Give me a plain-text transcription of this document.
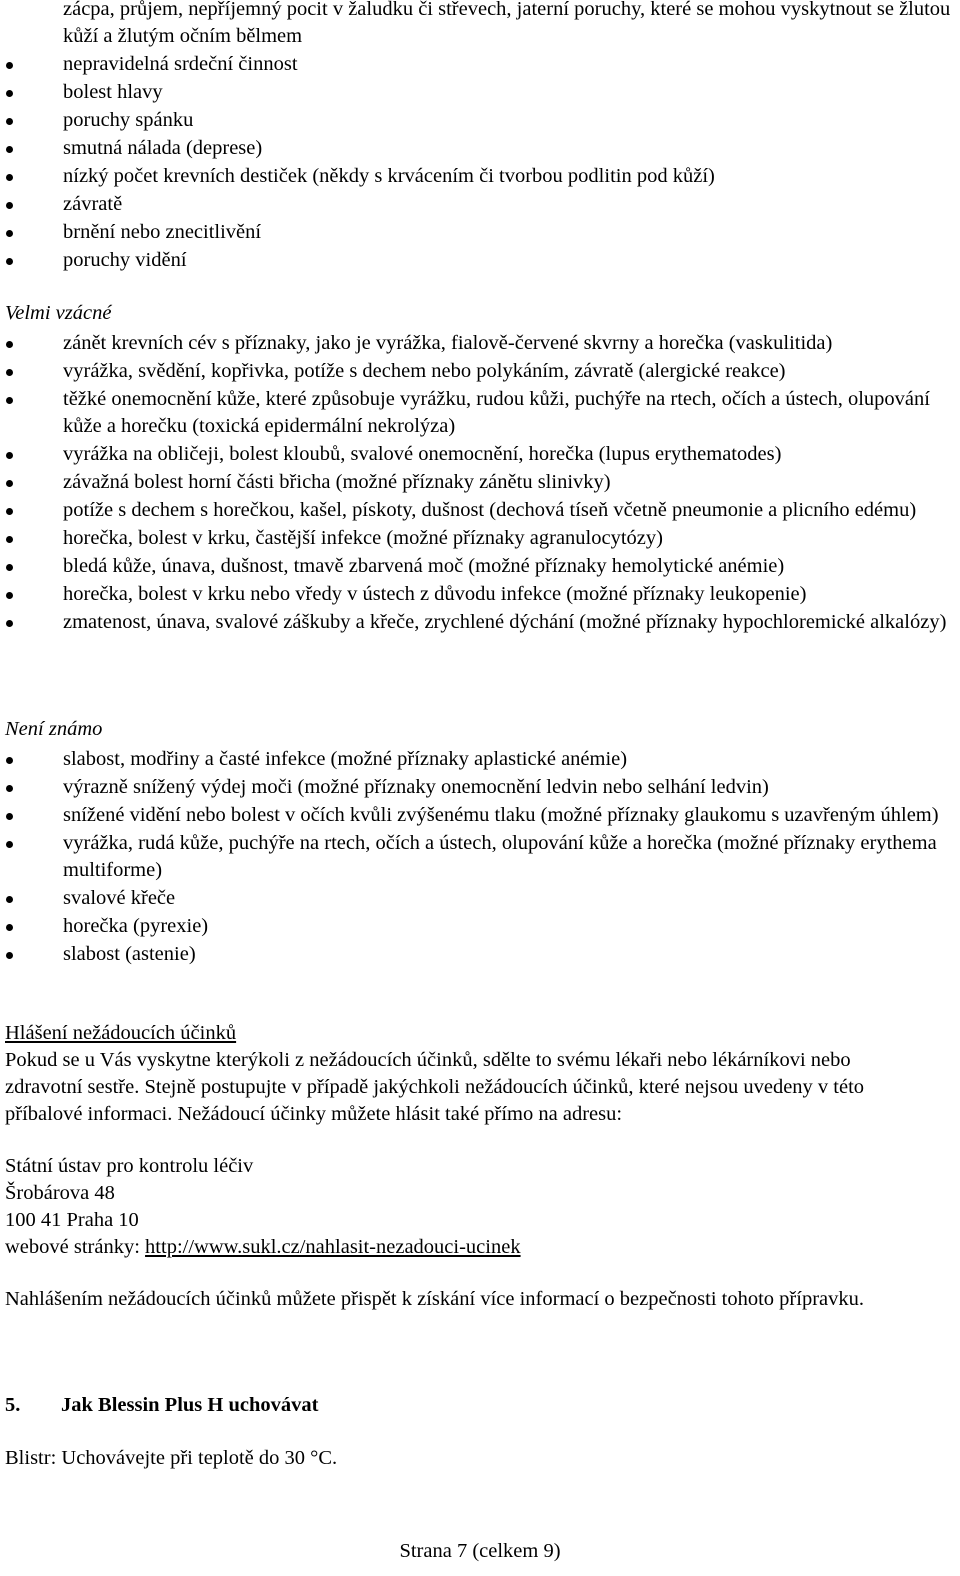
zácpa, průjem, nepříjemný pocit v žaludku či střevech, jaterní poruchy, které se mohou vyskytnout se žlutou kůží a žlutým očním bělmem
nepravidelná srdeční činnost
bolest hlavy
poruchy spánku
smutná nálada (deprese)
nízký počet krevních destiček (někdy s krvácením či tvorbou podlitin pod kůží)
závratě
brnění nebo znecitlivění
poruchy vidění

Velmi vzácné

zánět krevních cév s příznaky, jako je vyrážka, fialově-červené skvrny a horečka (vaskulitida)
vyrážka, svědění, kopřivka, potíže s dechem nebo polykáním, závratě (alergické reakce)
těžké onemocnění kůže, které způsobuje vyrážku, rudou kůži, puchýře na rtech, očích a ústech, olupování kůže a horečku (toxická epidermální nekrolýza)
vyrážka na obličeji, bolest kloubů, svalové onemocnění, horečka (lupus erythematodes)
závažná bolest horní části břicha (možné příznaky zánětu slinivky)
potíže s dechem s horečkou, kašel, pískoty, dušnost (dechová tíseň včetně pneumonie a plicního edému)
horečka, bolest v krku, častější infekce (možné příznaky agranulocytózy)
bledá kůže, únava, dušnost, tmavě zbarvená moč (možné příznaky hemolytické anémie)
horečka, bolest v krku nebo vředy v ústech z důvodu infekce (možné příznaky leukopenie)
zmatenost, únava, svalové záškuby a křeče, zrychlené dýchání (možné příznaky hypochloremické alkalózy)

Není známo

slabost, modřiny a časté infekce (možné příznaky aplastické anémie)
výrazně snížený výdej moči (možné příznaky onemocnění ledvin nebo selhání ledvin)
snížené vidění nebo bolest v očích kvůli zvýšenému tlaku (možné příznaky glaukomu s uzavřeným úhlem)
vyrážka, rudá kůže, puchýře na rtech, očích a ústech, olupování kůže a horečka (možné příznaky erythema multiforme)
svalové křeče
horečka (pyrexie)
slabost (astenie)

Hlášení nežádoucích účinků

Pokud se u Vás vyskytne kterýkoli z nežádoucích účinků, sdělte to svému lékaři nebo lékárníkovi nebo zdravotní sestře. Stejně postupujte v případě jakýchkoli nežádoucích účinků, které nejsou uvedeny v této příbalové informaci. Nežádoucí účinky můžete hlásit také přímo na adresu:

Státní ústav pro kontrolu léčiv

Šrobárova 48

100 41 Praha 10

webové stránky: http://www.sukl.cz/nahlasit-nezadouci-ucinek

Nahlášením nežádoucích účinků můžete přispět k získání více informací o bezpečnosti tohoto přípravku.

5.	Jak Blessin Plus H uchovávat

Blistr: Uchovávejte při teplotě do 30 °C.

Strana 7 (celkem 9)
